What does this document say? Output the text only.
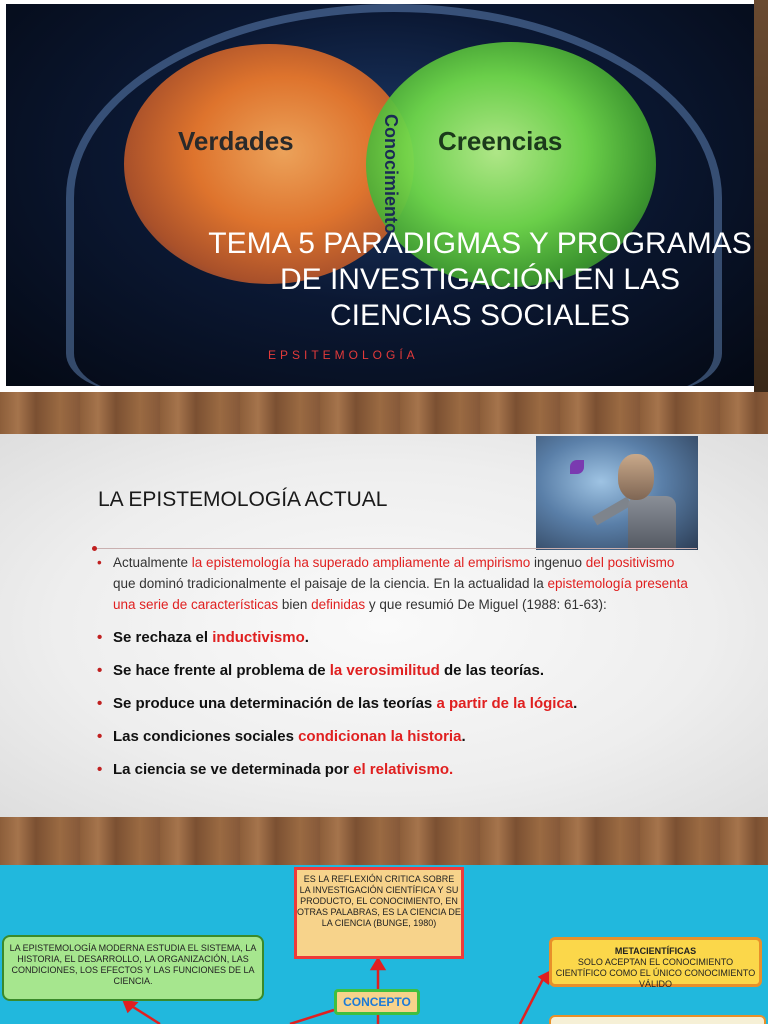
Verdades	Creencias
Conocimiento
TEMA 5 PARADIGMAS Y PROGRAMAS DE INVESTIGACIÓN EN LAS CIENCIAS SOCIALES
EPSITEMOLOGÍA
LA EPISTEMOLOGÍA ACTUAL
• Actualmente la epistemología ha superado ampliamente al empirismo ingenuo del positivismo que dominó tradicionalmente el paisaje de la ciencia. En la actualidad la epistemología presenta una serie de características bien definidas y que resumió De Miguel (1988: 61-63):
• Se rechaza el inductivismo.
• Se hace frente al problema de la verosimilitud de las teorías.
• Se produce una determinación de las teorías a partir de la lógica.
• Las condiciones sociales condicionan la historia.
• La ciencia se ve determinada por el relativismo.
ES LA REFLEXIÓN CRITICA SOBRE LA INVESTIGACIÓN CIENTÍFICA Y SU PRODUCTO, EL CONOCIMIENTO, EN OTRAS PALABRAS, ES LA CIENCIA DE LA CIENCIA (BUNGE, 1980)
LA EPISTEMOLOGÍA MODERNA ESTUDIA EL SISTEMA, LA HISTORIA, EL DESARROLLO, LA ORGANIZACIÓN, LAS CONDICIONES, LOS EFECTOS Y LAS FUNCIONES DE LA CIENCIA.
METACIENTÍFICAS
SOLO ACEPTAN EL CONOCIMIENTO CIENTÍFICO COMO EL ÚNICO CONOCIMIENTO VÁLIDO
CONCEPTO
